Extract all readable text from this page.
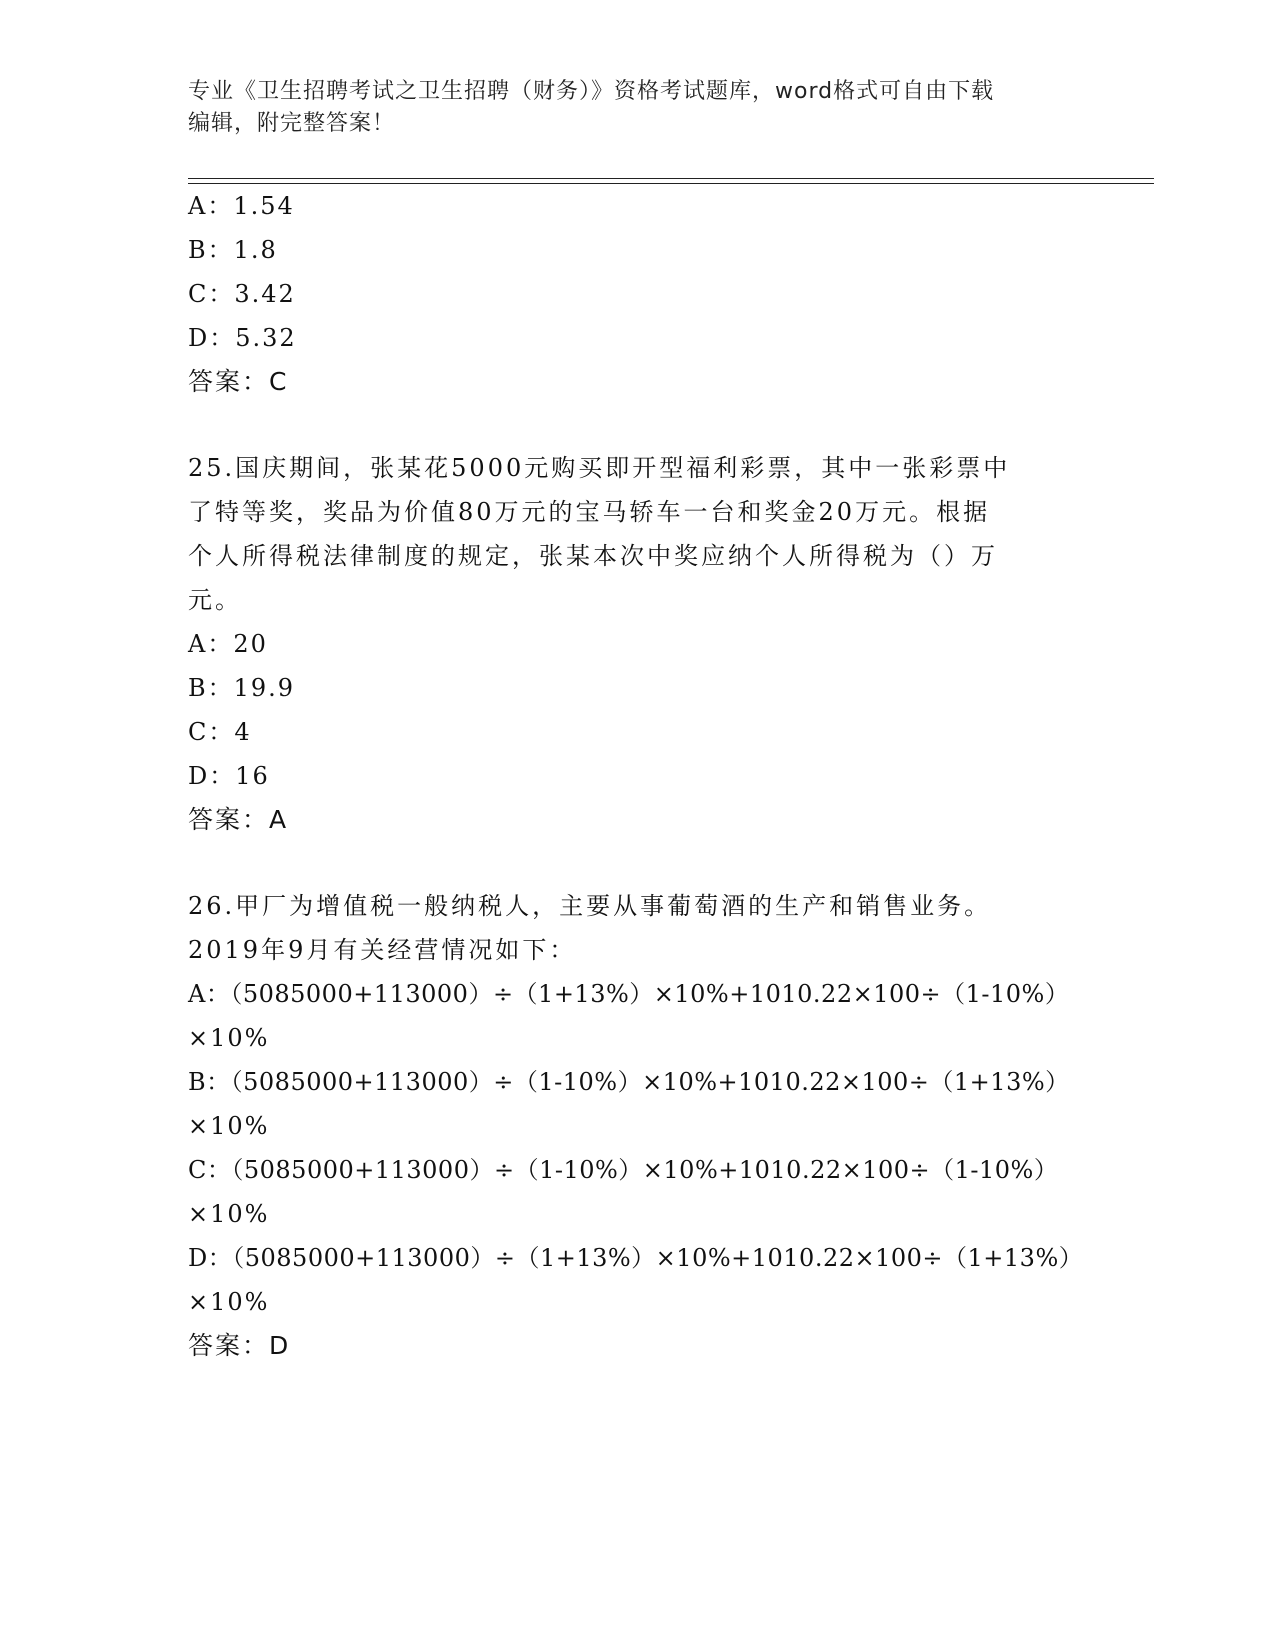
专业《卫生招聘考试之卫生招聘（财务）》资格考试题库，word格式可自由下载
编辑，附完整答案！
A：1.54
B：1.8
C：3.42
D：5.32
答案：C
25.国庆期间，张某花5000元购买即开型福利彩票，其中一张彩票中
了特等奖，奖品为价值80万元的宝马轿车一台和奖金20万元。根据
个人所得税法律制度的规定，张某本次中奖应纳个人所得税为（）万
元。
A：20
B：19.9
C：4
D：16
答案：A
26.甲厂为增值税一般纳税人，主要从事葡萄酒的生产和销售业务。
2019年9月有关经营情况如下：
A：（5085000+113000）÷（1+13%）×10%+1010.22×100÷（1-10%）
×10%
B：（5085000+113000）÷（1-10%）×10%+1010.22×100÷（1+13%）
×10%
C：（5085000+113000）÷（1-10%）×10%+1010.22×100÷（1-10%）
×10%
D：（5085000+113000）÷（1+13%）×10%+1010.22×100÷（1+13%）
×10%
答案：D
